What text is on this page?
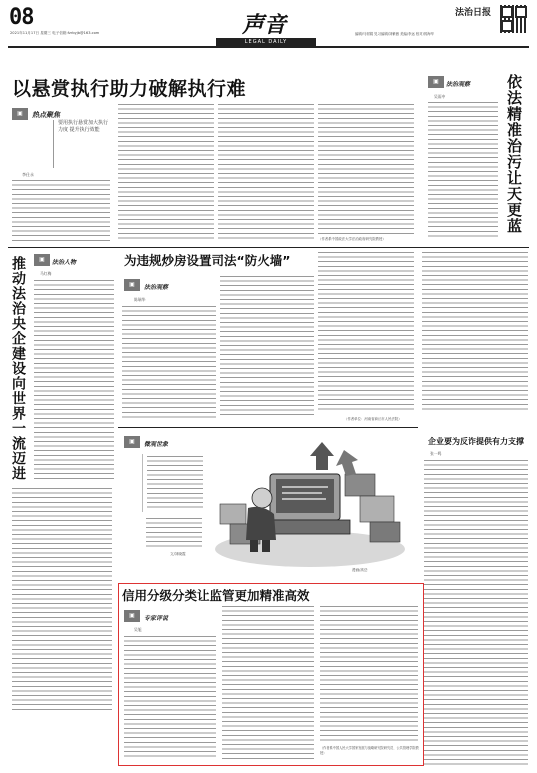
08
2021年11月17日 星期三 电子信箱:fzrbyjb@163.com	声音
LEGAL DAILY
编辑/马树娟 见习编辑/刘紫薇 美编/李远 校对/郭海华
法治日报
以悬赏执行助力破解执行难
▣	热点聚焦
要用执行悬赏加大执行力度 提升执行效能
李仕永
（作者系中国政法大学法治政府研究院教授）
▣	法治观察
吴雨中	依法精准治污让天更蓝
推动法治央企建设向世界一流迈进	▣	法治人物
马红梅
为违规炒房设置司法“防火墙”
▣	法治观察
陈瑞华
（作者单位：河南省商丘市人民法院）
▣	微观世象
文/刘晓霞
漫画/高岳
企业要为反诈提供有力支撑
张一鸣
信用分级分类让监管更加精准高效
▣	专家评说
吴旭
（作者系中国人民大学国家发展与战略研究院研究员、公共管理学院教授）
